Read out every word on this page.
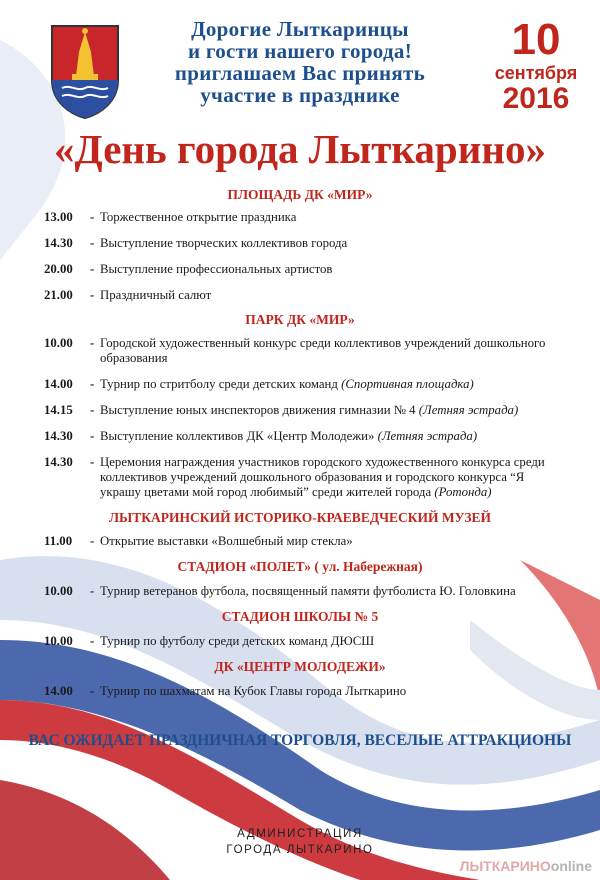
Дорогие Лыткаринцы
и гости нашего города!
приглашаем Вас принять
участие в празднике
10
сентября
2016
«День города Лыткарино»
ПЛОЩАДЬ ДК «МИР»
13.00	- Торжественное открытие праздника
14.30	- Выступление творческих коллективов города
20.00	- Выступление профессиональных артистов
21.00	- Праздничный салют
ПАРК ДК «МИР»
10.00	- Городской художественный конкурс среди коллективов учреждений дошкольного образования
14.00	- Турнир по стритболу среди детских команд (Спортивная площадка)
14.15	- Выступление юных инспекторов движения гимназии № 4 (Летняя эстрада)
14.30	- Выступление коллективов ДК «Центр Молодежи» (Летняя эстрада)
14.30	- Церемония награждения участников городского художественного конкурса среди коллективов учреждений дошкольного образования и городского конкурса “Я украшу цветами мой город любимый” среди жителей города (Ротонда)
ЛЫТКАРИНСКИЙ ИСТОРИКО-КРАЕВЕДЧЕСКИЙ МУЗЕЙ
11.00	- Открытие выставки «Волшебный мир стекла»
СТАДИОН «ПОЛЕТ» ( ул. Набережная)
10.00	- Турнир ветеранов футбола, посвященный памяти футболиста Ю. Головкина
СТАДИОН ШКОЛЫ № 5
10.00	- Турнир по футболу среди детских команд ДЮСШ
ДК «ЦЕНТР МОЛОДЕЖИ»
14.00	- Турнир по шахматам на Кубок Главы города Лыткарино
ВАС ОЖИДАЕТ ПРАЗДНИЧНАЯ ТОРГОВЛЯ, ВЕСЕЛЫЕ АТТРАКЦИОНЫ
АДМИНИСТРАЦИЯ
ГОРОДА ЛЫТКАРИНО
ЛЫТКАРИНОonline
